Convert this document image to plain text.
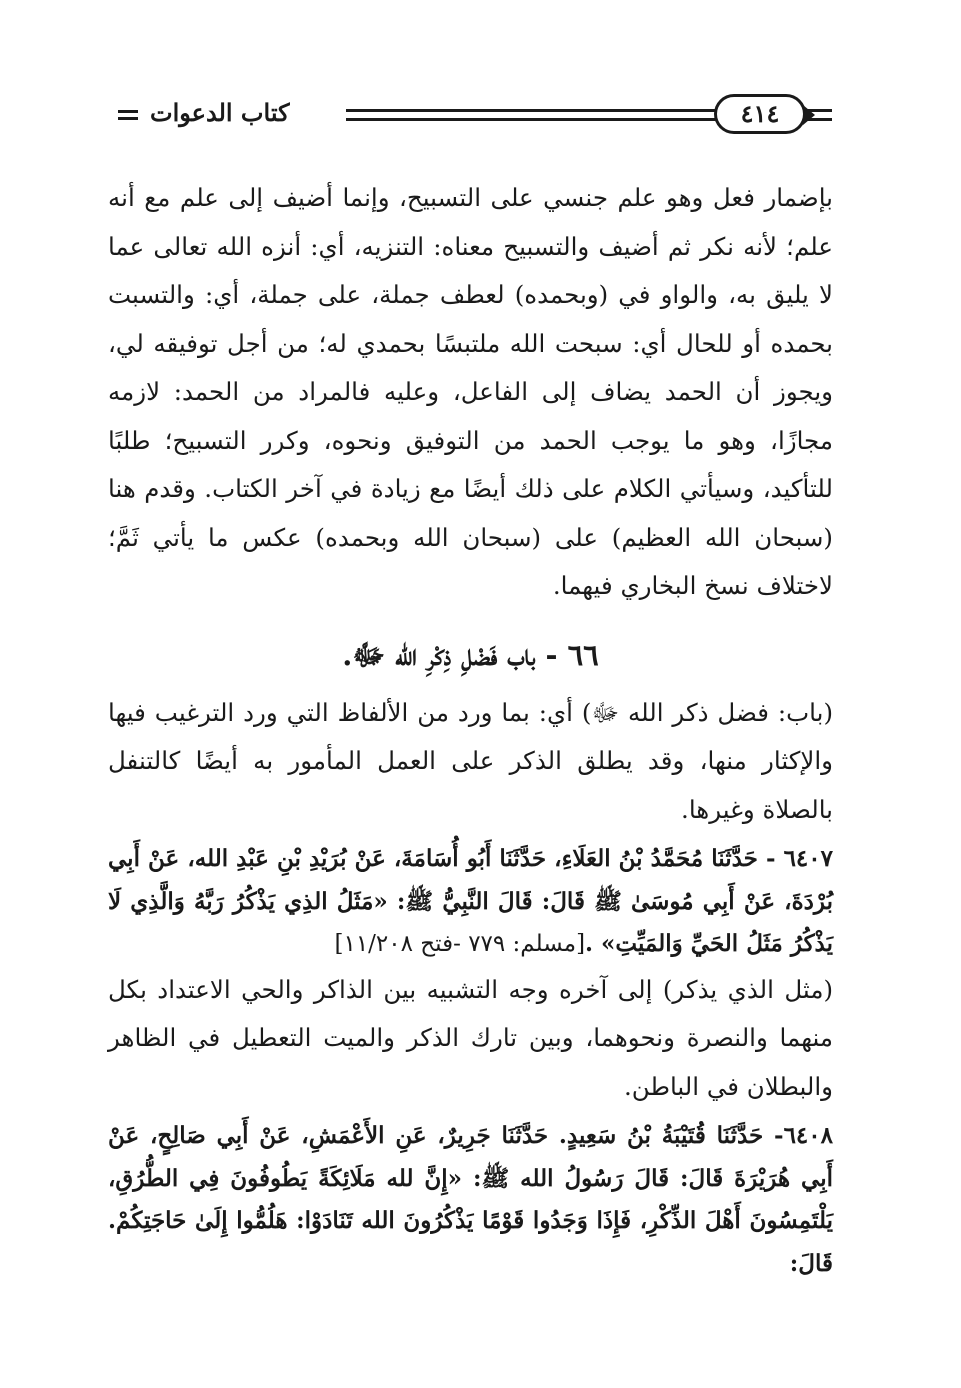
كتاب الدعوات	٤١٤

بإضمار فعل وهو علم جنسي على التسبيح، وإنما أضيف إلى علم مع أنه علم؛ لأنه نكر ثم أضيف والتسبيح معناه: التنزيه، أي: أنزه الله تعالى عما لا يليق به، والواو في (وبحمده) لعطف جملة، على جملة، أي: والتسبت بحمده أو للحال أي: سبحت الله ملتبسًا بحمدي له؛ من أجل توفيقه لي، ويجوز أن الحمد يضاف إلى الفاعل، وعليه فالمراد من الحمد: لازمه مجازًا، وهو ما يوجب الحمد من التوفيق ونحوه، وكرر التسبيح؛ طلبًا للتأكيد، وسيأتي الكلام على ذلك أيضًا مع زيادة في آخر الكتاب. وقدم هنا (سبحان الله العظيم) على (سبحان الله وبحمده) عكس ما يأتي ثَمَّ؛ لاختلاف نسخ البخاري فيهما.

٦٦ - باب فَضْلِ ذِكْرِ الله ﷻ.

(باب: فضل ذكر الله ﷻ) أي: بما ورد من الألفاظ التي ورد الترغيب فيها والإكثار منها، وقد يطلق الذكر على العمل المأمور به أيضًا كالتنفل بالصلاة وغيرها.

٦٤٠٧ - حَدَّثَنَا مُحَمَّدُ بْنُ العَلَاءِ، حَدَّثَنَا أَبُو أُسَامَةَ، عَنْ بُرَيْدِ بْنِ عَبْدِ الله، عَنْ أَبِي بُرْدَةَ، عَنْ أَبِي مُوسَىٰ ﷺ قَالَ: قَالَ النَّبِيُّ ﷺ: «مَثَلُ الذِي يَذْكُرُ رَبَّهُ وَالَّذِي لَا يَذْكُرُ مَثَلُ الحَيِّ وَالمَيِّتِ» .[مسلم: ٧٧٩ -فتح ١١/٢٠٨]

(مثل الذي يذكر) إلى آخره وجه التشبيه بين الذاكر والحي الاعتداد بكل منهما والنصرة ونحوهما، وبين تارك الذكر والميت التعطيل في الظاهر والبطلان في الباطن.

٦٤٠٨- حَدَّثَنَا قُتَيْبَةُ بْنُ سَعِيدٍ. حَدَّثَنَا جَرِيرٌ، عَنِ الأَعْمَشِ، عَنْ أَبِي صَالِحٍ، عَنْ أَبِي هُرَيْرَةَ قَالَ: قَالَ رَسُولُ الله ﷺ: «إِنَّ لله مَلَائِكَةً يَطُوفُونَ فِي الطُّرُقِ، يَلْتَمِسُونَ أَهْلَ الذِّكْرِ، فَإِذَا وَجَدُوا قَوْمًا يَذْكُرُونَ الله تَنَادَوْا: هَلُمُّوا إِلَىٰ حَاجَتِكُمْ. قَالَ:
